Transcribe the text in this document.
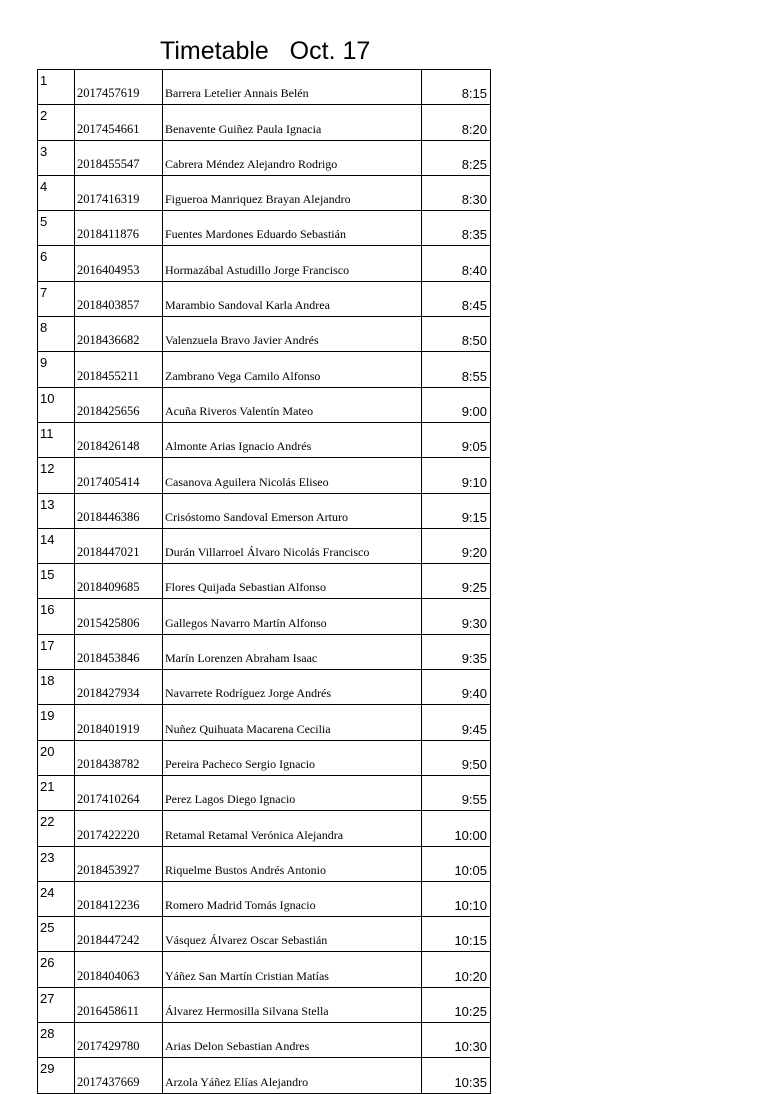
Timetable   Oct. 17
1	2017457619	Barrera Letelier Annais Belén	8:15
2	2017454661	Benavente Guiñez Paula Ignacia	8:20
3	2018455547	Cabrera Méndez Alejandro Rodrigo	8:25
4	2017416319	Figueroa Manriquez Brayan Alejandro	8:30
5	2018411876	Fuentes Mardones Eduardo Sebastián	8:35
6	2016404953	Hormazábal Astudillo Jorge Francisco	8:40
7	2018403857	Marambio Sandoval Karla Andrea	8:45
8	2018436682	Valenzuela Bravo Javier Andrés	8:50
9	2018455211	Zambrano Vega Camilo Alfonso	8:55
10	2018425656	Acuña Riveros Valentín Mateo	9:00
11	2018426148	Almonte Arias Ignacio Andrés	9:05
12	2017405414	Casanova Aguilera Nicolás Eliseo	9:10
13	2018446386	Crisóstomo Sandoval Emerson Arturo	9:15
14	2018447021	Durán Villarroel Álvaro Nicolás Francisco	9:20
15	2018409685	Flores Quijada Sebastian Alfonso	9:25
16	2015425806	Gallegos Navarro Martín Alfonso	9:30
17	2018453846	Marín Lorenzen Abraham Isaac	9:35
18	2018427934	Navarrete Rodríguez Jorge Andrés	9:40
19	2018401919	Nuñez Quihuata Macarena Cecilia	9:45
20	2018438782	Pereira Pacheco Sergio Ignacio	9:50
21	2017410264	Perez Lagos Diego Ignacio	9:55
22	2017422220	Retamal Retamal Verónica Alejandra	10:00
23	2018453927	Riquelme Bustos Andrés Antonio	10:05
24	2018412236	Romero Madrid Tomás Ignacio	10:10
25	2018447242	Vásquez Álvarez Oscar Sebastián	10:15
26	2018404063	Yáñez San Martín Cristian Matías	10:20
27	2016458611	Álvarez Hermosilla Silvana Stella	10:25
28	2017429780	Arias Delon Sebastian Andres	10:30
29	2017437669	Arzola Yáñez Elías Alejandro	10:35
